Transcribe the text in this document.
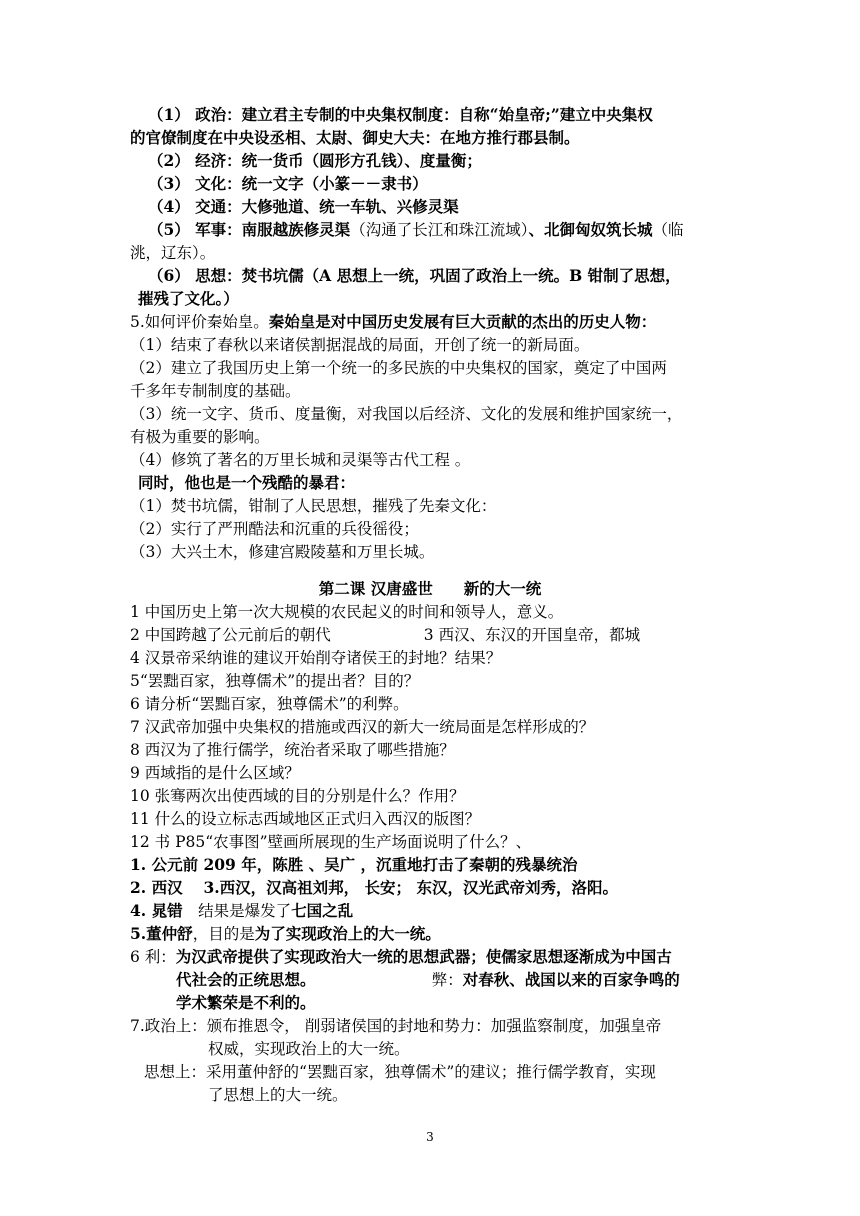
（1） 政治：建立君主专制的中央集权制度：自称“始皇帝;”建立中央集权
的官僚制度在中央设丞相、太尉、御史大夫：在地方推行郡县制。
（2） 经济：统一货币（圆形方孔钱）、度量衡；
（3） 文化：统一文字（小篆－－隶书）
（4） 交通：大修弛道、统一车轨、兴修灵渠
（5） 军事：南服越族修灵渠（沟通了长江和珠江流域）、北御匈奴筑长城（临
洮，辽东）。
（6） 思想：焚书坑儒（A 思想上一统，巩固了政治上一统。B 钳制了思想，
摧残了文化。）
5.如何评价秦始皇。秦始皇是对中国历史发展有巨大贡献的杰出的历史人物：
（1）结束了春秋以来诸侯割据混战的局面，开创了统一的新局面。
（2）建立了我国历史上第一个统一的多民族的中央集权的国家，奠定了中国两
千多年专制制度的基础。
（3）统一文字、货币、度量衡，对我国以后经济、文化的发展和维护国家统一，
有极为重要的影响。
（4）修筑了著名的万里长城和灵渠等古代工程 。
同时，他也是一个残酷的暴君：
（1）焚书坑儒，钳制了人民思想，摧残了先秦文化：
（2）实行了严刑酷法和沉重的兵役徭役；
（3）大兴土木，修建宫殿陵墓和万里长城。
第二课 汉唐盛世　　新的大一统
1 中国历史上第一次大规模的农民起义的时间和领导人，意义。
2 中国跨越了公元前后的朝代　　　　　　3 西汉、东汉的开国皇帝，都城
4 汉景帝采纳谁的建议开始削夺诸侯王的封地？结果？
5“罢黜百家，独尊儒术”的提出者？目的？
6 请分析“罢黜百家，独尊儒术”的利弊。
7 汉武帝加强中央集权的措施或西汉的新大一统局面是怎样形成的？
8 西汉为了推行儒学，统治者采取了哪些措施？
9 西域指的是什么区域？
10 张骞两次出使西域的目的分别是什么？作用？
11 什么的设立标志西域地区正式归入西汉的版图？
12 书 P85“农事图”壁画所展现的生产场面说明了什么？、
1. 公元前 209 年，陈胜 、吴广 ，沉重地打击了秦朝的残暴统治
2. 西汉　 3.西汉，汉高祖刘邦， 长安； 东汉，汉光武帝刘秀，洛阳。
4. 晁错　结果是爆发了七国之乱
5.董仲舒，目的是为了实现政治上的大一统。
6 利：为汉武帝提供了实现政治大一统的思想武器；使儒家思想逐渐成为中国古
代社会的正统思想。　　　　　　　　弊：对春秋、战国以来的百家争鸣的
学术繁荣是不利的。
7.政治上：颁布推恩令， 削弱诸侯国的封地和势力：加强监察制度，加强皇帝
权威，实现政治上的大一统。
思想上：采用董仲舒的“罢黜百家，独尊儒术”的建议；推行儒学教育，实现
了思想上的大一统。
3
